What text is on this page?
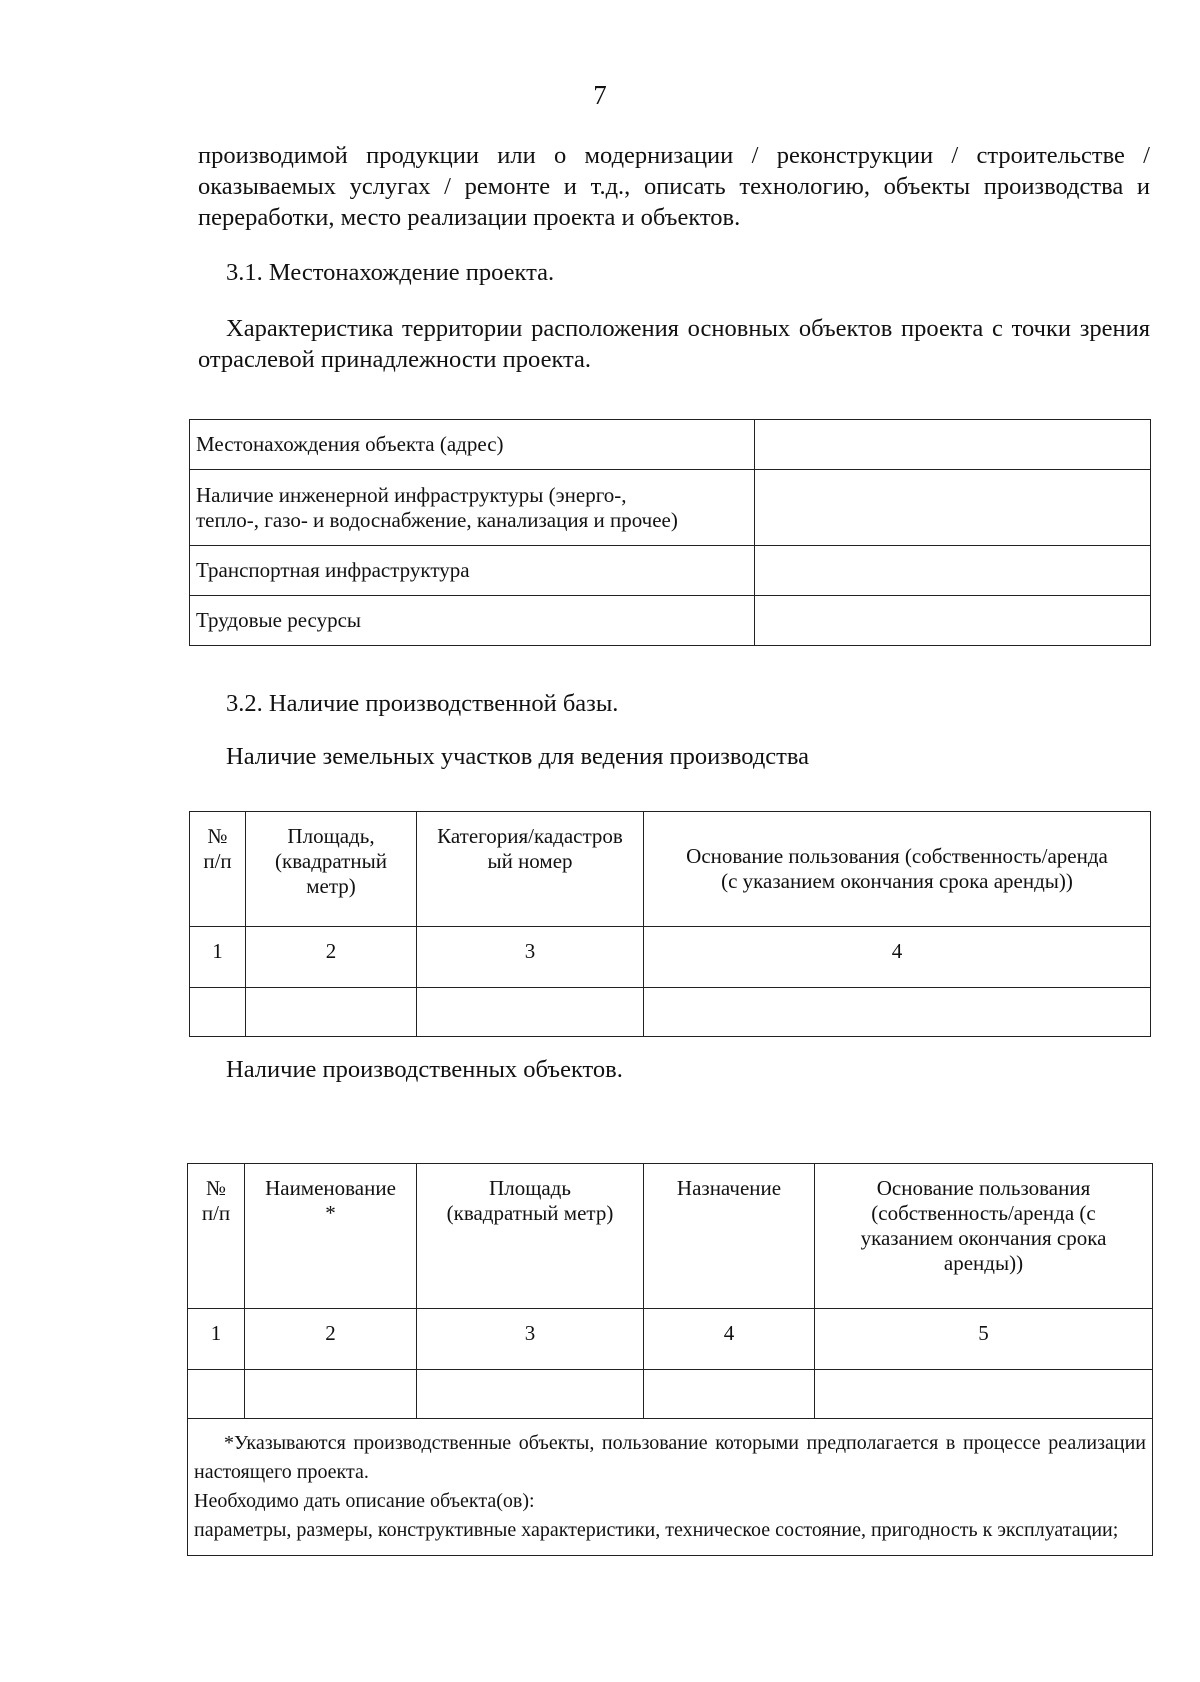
7

производимой продукции или о модернизации / реконструкции / строительстве / оказываемых услугах / ремонте и т.д., описать технологию, объекты производства и переработки, место реализации проекта и объектов.

3.1. Местонахождение проекта.

Характеристика территории расположения основных объектов проекта с точки зрения отраслевой принадлежности проекта.

Местонахождения объекта (адрес)	

Наличие инженерной инфраструктуры (энерго-,
тепло-, газо- и водоснабжение, канализация и прочее)	

Транспортная инфраструктура	
Трудовые ресурсы	

3.2. Наличие производственной базы.

Наличие земельных участков для ведения производства

№
п/п	Площадь,
(квадратный
метр)	Категория/кадастров
ый номер	Основание пользования (собственность/аренда
(с указанием окончания срока аренды))

1	2	3	4

Наличие производственных объектов.

№
п/п	Наименование
*	Площадь
(квадратный метр)	Назначение	Основание пользования
(собственность/аренда (с
указанием окончания срока
аренды))

1	2	3	4	5

*Указываются производственные объекты, пользование которыми предполагается в процессе реализации настоящего проекта.
Необходимо дать описание объекта(ов):
параметры, размеры, конструктивные характеристики, техническое состояние, пригодность к эксплуатации;				
